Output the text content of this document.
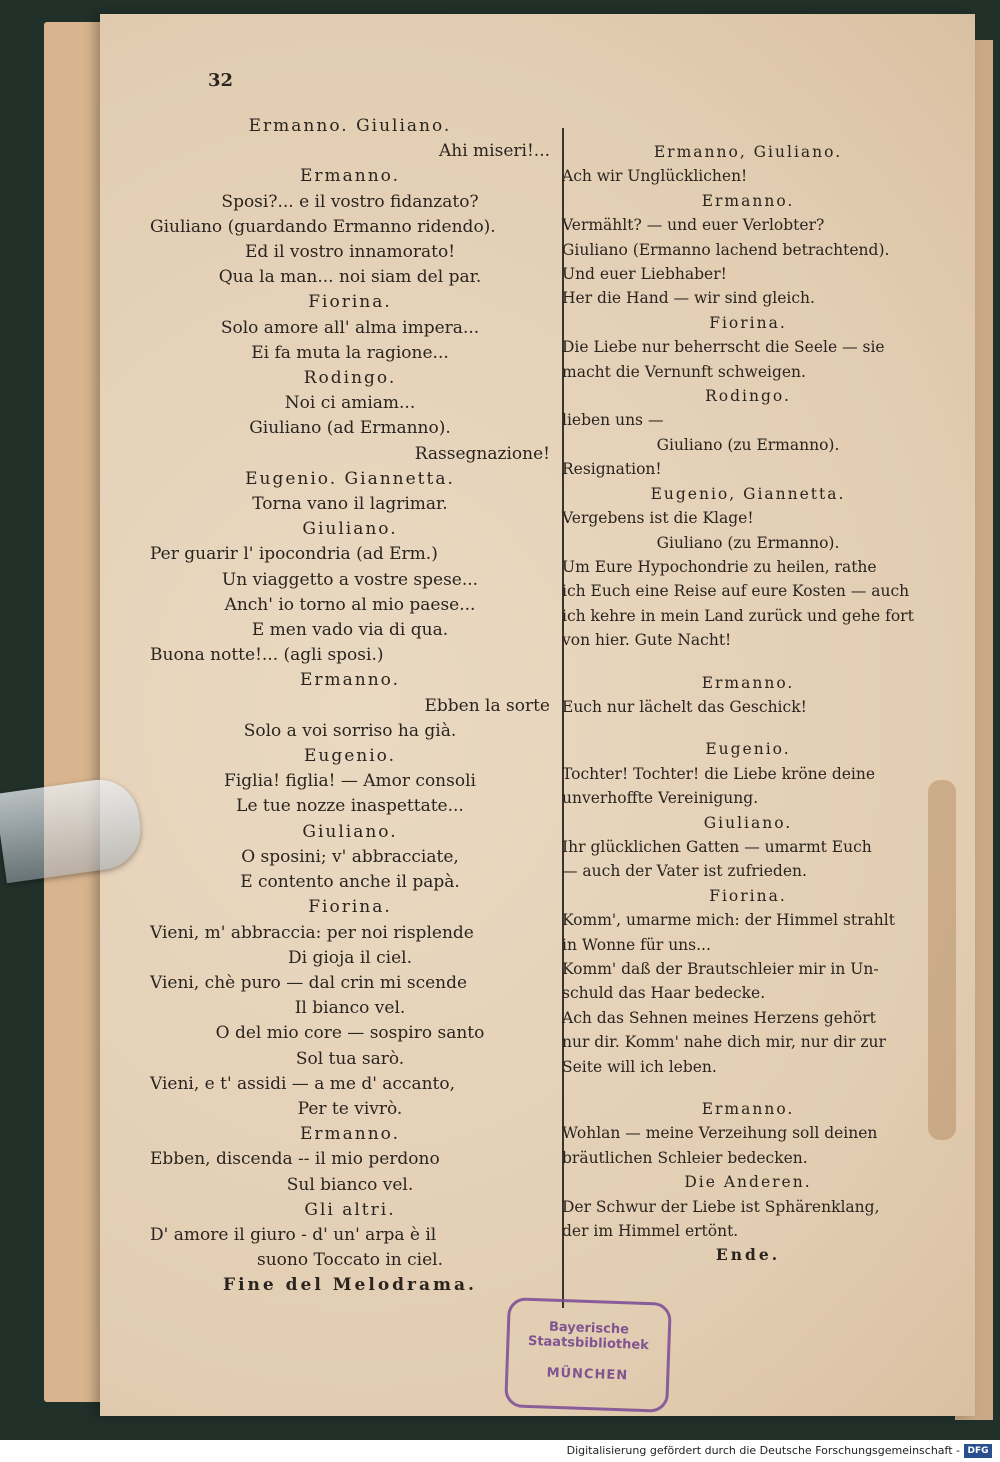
32
Ermanno. Giuliano.
Ahi miseri!...
Ermanno.
Sposi?... e il vostro fidanzato?
Giuliano (guardando Ermanno ridendo).
Ed il vostro innamorato!
Qua la man... noi siam del par.
Fiorina.
Solo amore all' alma impera...
Ei fa muta la ragione...
Rodingo.
Noi ci amiam...
Giuliano (ad Ermanno).
Rassegnazione!
Eugenio. Giannetta.
Torna vano il lagrimar.
Giuliano.
Per guarir l' ipocondria (ad Erm.)
Un viaggetto a vostre spese...
Anch' io torno al mio paese...
E men vado via di qua.
Buona notte!... (agli sposi.)
Ermanno.
Ebben la sorte
Solo a voi sorriso ha già.
Eugenio.
Figlia! figlia! — Amor consoli
Le tue nozze inaspettate...
Giuliano.
O sposini; v' abbracciate,
E contento anche il papà.
Fiorina.
Vieni, m' abbraccia: per noi risplende
Di gioja il ciel.
Vieni, chè puro — dal crin mi scende
Il bianco vel.
O del mio core — sospiro santo
Sol tua sarò.
Vieni, e t' assidi — a me d' accanto,
Per te vivrò.
Ermanno.
Ebben, discenda -- il mio perdono
Sul bianco vel.
Gli altri.
D' amore il giuro - d' un' arpa è il
suono Toccato in ciel.
Fine del Melodrama.
Ermanno, Giuliano.
Ach wir Unglücklichen!
Ermanno.
Vermählt? — und euer Verlobter?
Giuliano (Ermanno lachend betrachtend).
Und euer Liebhaber!
Her die Hand — wir sind gleich.
Fiorina.
Die Liebe nur beherrscht die Seele — sie
macht die Vernunft schweigen.
Rodingo.
lieben uns —
Giuliano (zu Ermanno).
Resignation!
Eugenio, Giannetta.
Vergebens ist die Klage!
Giuliano (zu Ermanno).
Um Eure Hypochondrie zu heilen, rathe
ich Euch eine Reise auf eure Kosten — auch
ich kehre in mein Land zurück und gehe fort
von hier. Gute Nacht!
Ermanno.
Euch nur lächelt das Geschick!
Eugenio.
Tochter! Tochter! die Liebe kröne deine
unverhoffte Vereinigung.
Giuliano.
Ihr glücklichen Gatten — umarmt Euch
— auch der Vater ist zufrieden.
Fiorina.
Komm', umarme mich: der Himmel strahlt
in Wonne für uns...
Komm' daß der Brautschleier mir in Un-
schuld das Haar bedecke.
Ach das Sehnen meines Herzens gehört
nur dir. Komm' nahe dich mir, nur dir zur
Seite will ich leben.
Ermanno.
Wohlan — meine Verzeihung soll deinen
bräutlichen Schleier bedecken.
Die Anderen.
Der Schwur der Liebe ist Sphärenklang,
der im Himmel ertönt.
Ende.
Bayerische
Staatsbibliothek
MÜNCHEN
Digitalisierung gefördert durch die Deutsche Forschungsgemeinschaft - DFG
